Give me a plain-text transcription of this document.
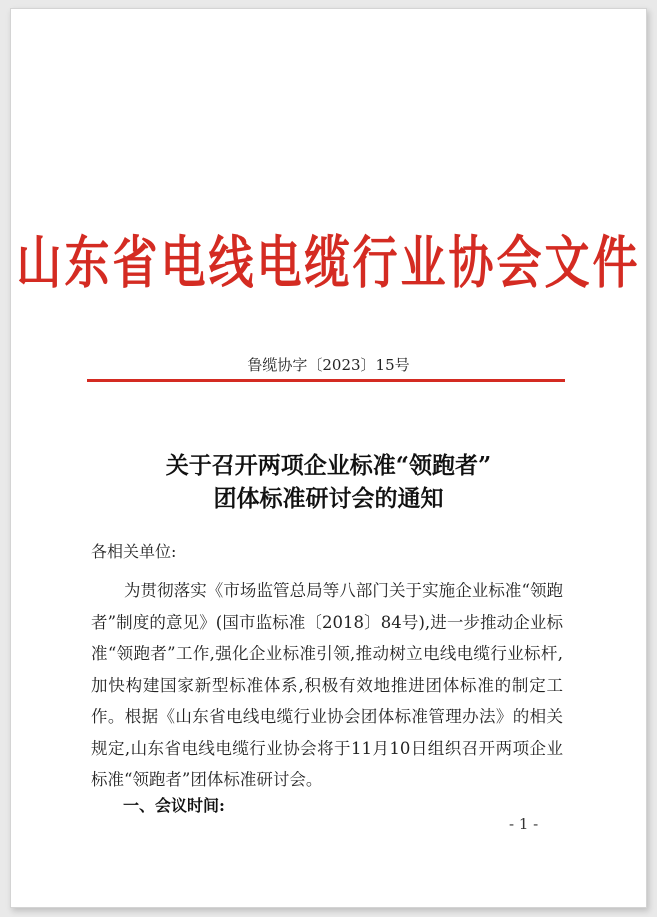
山东省电线电缆行业协会文件
鲁缆协字〔2023〕15号
关于召开两项企业标准“领跑者”
团体标准研讨会的通知
各相关单位:
为贯彻落实《市场监管总局等八部门关于实施企业标准“领跑者”制度的意见》(国市监标准〔2018〕84号),进一步推动企业标准“领跑者”工作,强化企业标准引领,推动树立电线电缆行业标杆,加快构建国家新型标准体系,积极有效地推进团体标准的制定工作。根据《山东省电线电缆行业协会团体标准管理办法》的相关规定,山东省电线电缆行业协会将于11月10日组织召开两项企业标准“领跑者”团体标准研讨会。
一、会议时间:
- 1 -
